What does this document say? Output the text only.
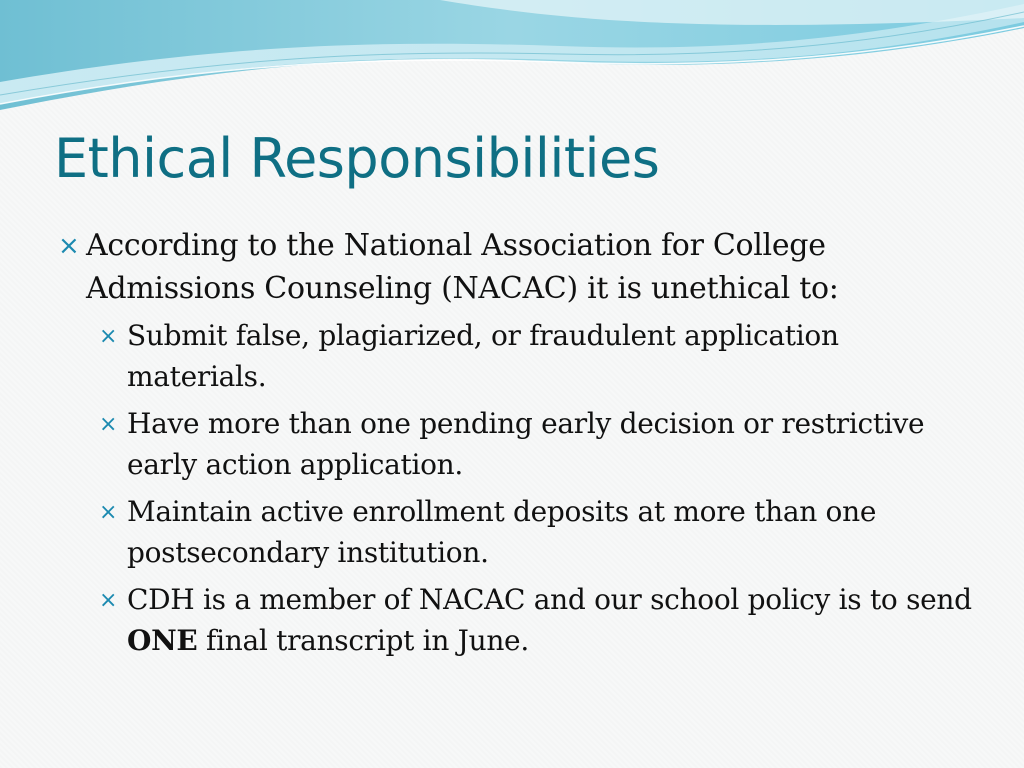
Ethical Responsibilities

× According to the National Association for College Admissions Counseling (NACAC) it is unethical to:

× Submit false, plagiarized, or fraudulent application materials.
× Have more than one pending early decision or restrictive early action application.
× Maintain active enrollment deposits at more than one postsecondary institution.
× CDH is a member of NACAC and our school policy is to send ONE final transcript in June.
